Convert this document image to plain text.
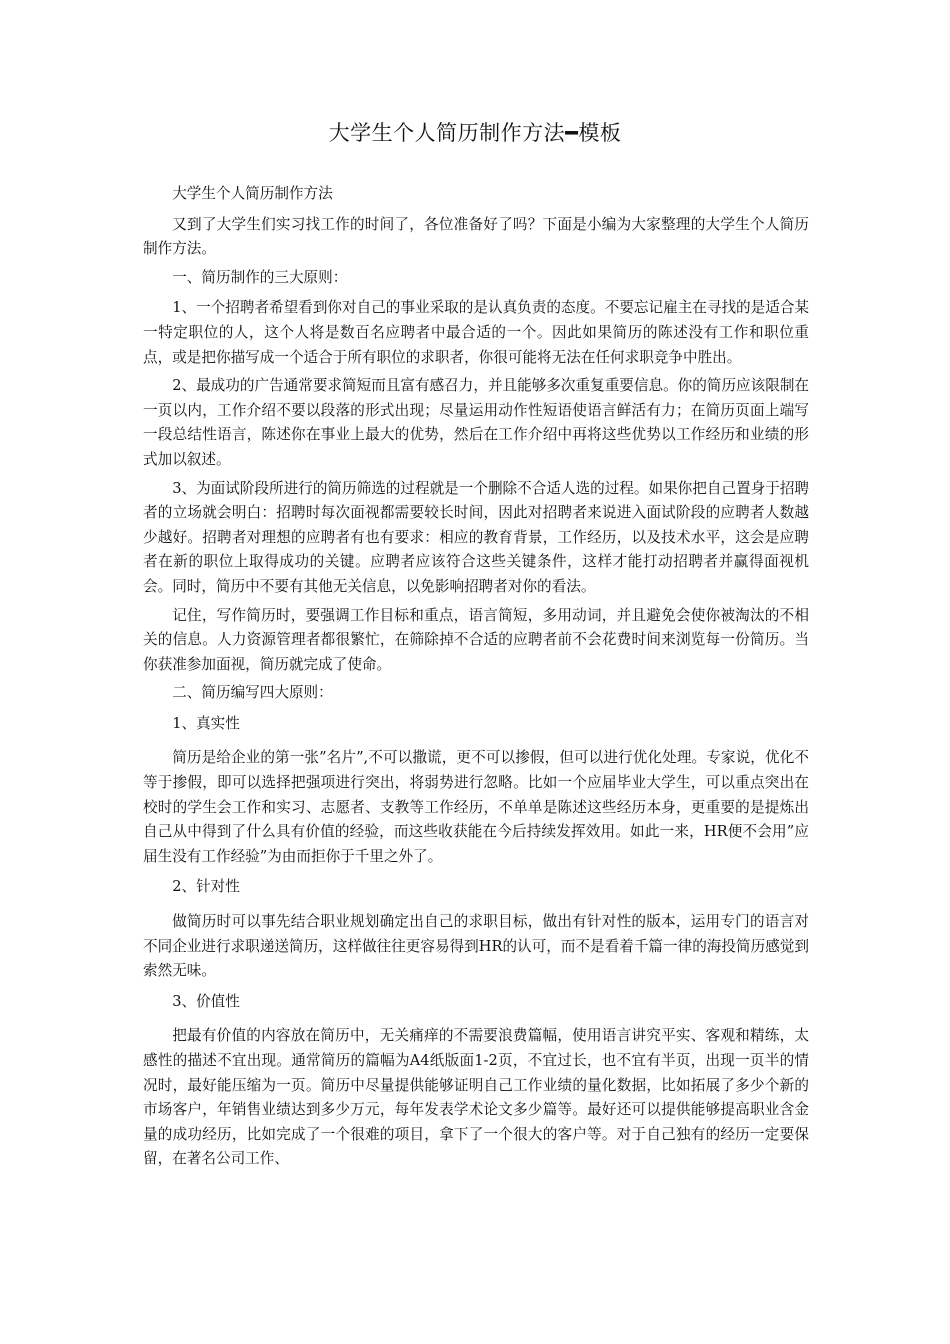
大学生个人简历制作方法━模板

大学生个人简历制作方法

又到了大学生们实习找工作的时间了，各位准备好了吗？下面是小编为大家整理的大学生个人简历制作方法。

一、简历制作的三大原则：

1、一个招聘者希望看到你对自己的事业采取的是认真负责的态度。不要忘记雇主在寻找的是适合某一特定职位的人，这个人将是数百名应聘者中最合适的一个。因此如果简历的陈述没有工作和职位重点，或是把你描写成一个适合于所有职位的求职者，你很可能将无法在任何求职竞争中胜出。

2、最成功的广告通常要求简短而且富有感召力，并且能够多次重复重要信息。你的简历应该限制在一页以内，工作介绍不要以段落的形式出现；尽量运用动作性短语使语言鲜活有力；在简历页面上端写一段总结性语言，陈述你在事业上最大的优势，然后在工作介绍中再将这些优势以工作经历和业绩的形式加以叙述。

3、为面试阶段所进行的简历筛选的过程就是一个删除不合适人选的过程。如果你把自己置身于招聘者的立场就会明白：招聘时每次面视都需要较长时间，因此对招聘者来说进入面试阶段的应聘者人数越少越好。招聘者对理想的应聘者有也有要求：相应的教育背景，工作经历，以及技术水平，这会是应聘者在新的职位上取得成功的关键。应聘者应该符合这些关键条件，这样才能打动招聘者并赢得面视机会。同时，简历中不要有其他无关信息，以免影响招聘者对你的看法。

记住，写作简历时，要强调工作目标和重点，语言简短，多用动词，并且避免会使你被淘汰的不相关的信息。人力资源管理者都很繁忙，在筛除掉不合适的应聘者前不会花费时间来浏览每一份简历。当你获准参加面视，简历就完成了使命。

二、简历编写四大原则：

1、真实性

简历是给企业的第一张”名片”,不可以撒谎，更不可以掺假，但可以进行优化处理。专家说，优化不等于掺假，即可以选择把强项进行突出，将弱势进行忽略。比如一个应届毕业大学生，可以重点突出在校时的学生会工作和实习、志愿者、支教等工作经历，不单单是陈述这些经历本身，更重要的是提炼出自己从中得到了什么具有价值的经验，而这些收获能在今后持续发挥效用。如此一来，HR便不会用”应届生没有工作经验”为由而拒你于千里之外了。

2、针对性

做简历时可以事先结合职业规划确定出自己的求职目标，做出有针对性的版本，运用专门的语言对不同企业进行求职递送简历，这样做往往更容易得到HR的认可，而不是看着千篇一律的海投简历感觉到索然无味。

3、价值性

把最有价值的内容放在简历中，无关痛痒的不需要浪费篇幅，使用语言讲究平实、客观和精练，太感性的描述不宜出现。通常简历的篇幅为A4纸版面1-2页，不宜过长，也不宜有半页，出现一页半的情况时，最好能压缩为一页。简历中尽量提供能够证明自己工作业绩的量化数据，比如拓展了多少个新的市场客户，年销售业绩达到多少万元，每年发表学术论文多少篇等。最好还可以提供能够提高职业含金量的成功经历，比如完成了一个很难的项目，拿下了一个很大的客户等。对于自己独有的经历一定要保留，在著名公司工作、
